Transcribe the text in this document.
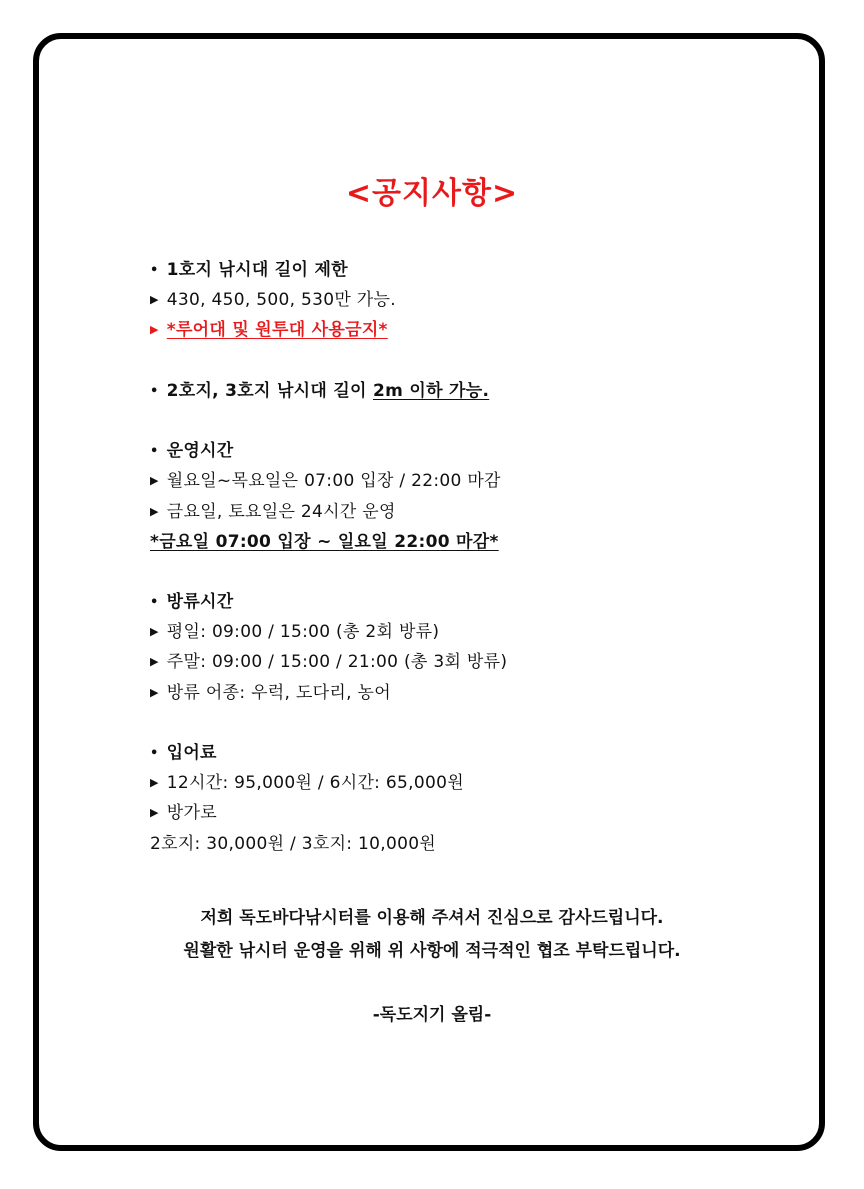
<공지사항>
• 1호지 낚시대 길이 제한
▶ 430, 450, 500, 530만 가능.
▶ *루어대 및 원투대 사용금지*
• 2호지, 3호지 낚시대 길이 2m 이하 가능.
• 운영시간
▶ 월요일~목요일은 07:00 입장 / 22:00 마감
▶ 금요일, 토요일은 24시간 운영
*금요일 07:00 입장 ~ 일요일 22:00 마감*
• 방류시간
▶ 평일: 09:00 / 15:00 (총 2회 방류)
▶ 주말: 09:00 / 15:00 / 21:00 (총 3회 방류)
▶ 방류 어종: 우럭, 도다리, 농어
• 입어료
▶ 12시간: 95,000원 / 6시간: 65,000원
▶ 방가로
2호지: 30,000원 / 3호지: 10,000원
저희 독도바다낚시터를 이용해 주셔서 진심으로 감사드립니다.
원활한 낚시터 운영을 위해 위 사항에 적극적인 협조 부탁드립니다.
-독도지기 올림-
